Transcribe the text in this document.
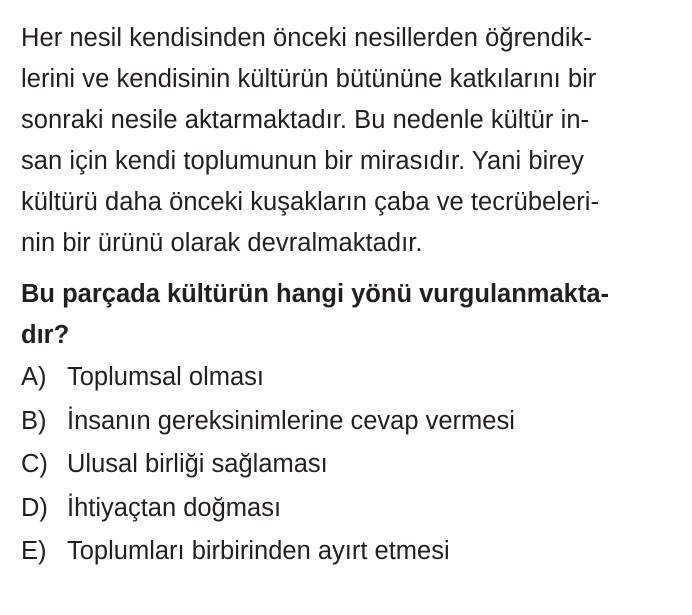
Her nesil kendisinden önceki nesillerden öğrendik-
lerini ve kendisinin kültürün bütününe katkılarını bir
sonraki nesile aktarmaktadır. Bu nedenle kültür in-
san için kendi toplumunun bir mirasıdır. Yani birey
kültürü daha önceki kuşakların çaba ve tecrübeleri-
nin bir ürünü olarak devralmaktadır.
Bu parçada kültürün hangi yönü vurgulanmakta-
dır?
A) Toplumsal olması
B) İnsanın gereksinimlerine cevap vermesi
C) Ulusal birliği sağlaması
D) İhtiyaçtan doğması
E) Toplumları birbirinden ayırt etmesi
